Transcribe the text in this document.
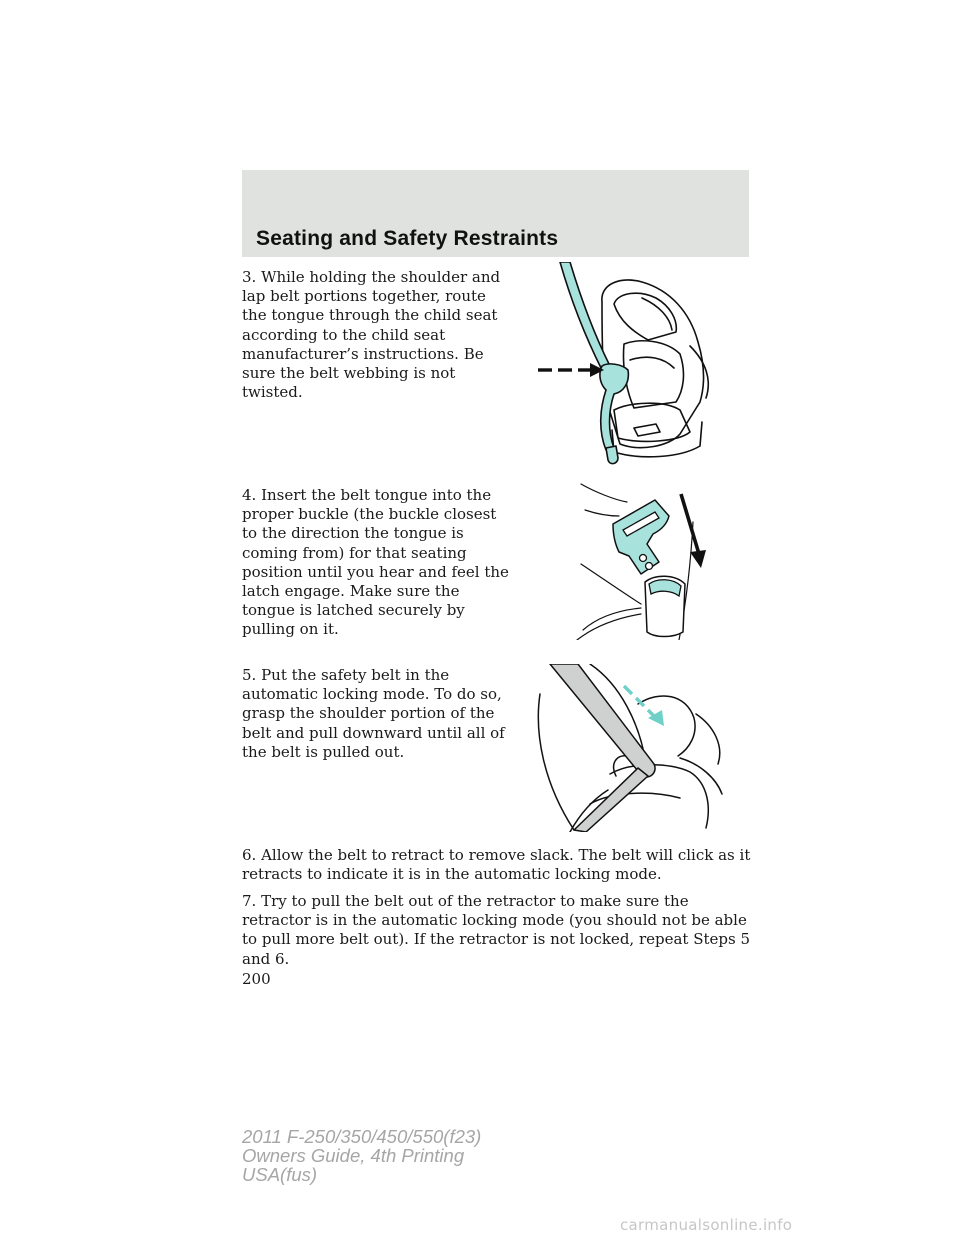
Seating and Safety Restraints

3. While holding the shoulder and lap belt portions together, route the tongue through the child seat according to the child seat manufacturer’s instructions. Be sure the belt webbing is not twisted.

4. Insert the belt tongue into the proper buckle (the buckle closest to the direction the tongue is coming from) for that seating position until you hear and feel the latch engage. Make sure the tongue is latched securely by pulling on it.

5. Put the safety belt in the automatic locking mode. To do so, grasp the shoulder portion of the belt and pull downward until all of the belt is pulled out.

6. Allow the belt to retract to remove slack. The belt will click as it retracts to indicate it is in the automatic locking mode.

7. Try to pull the belt out of the retractor to make sure the retractor is in the automatic locking mode (you should not be able to pull more belt out). If the retractor is not locked, repeat Steps 5 and 6.

200

2011 F-250/350/450/550(f23)
Owners Guide, 4th Printing
USA(fus)
carmanualsonline.info
